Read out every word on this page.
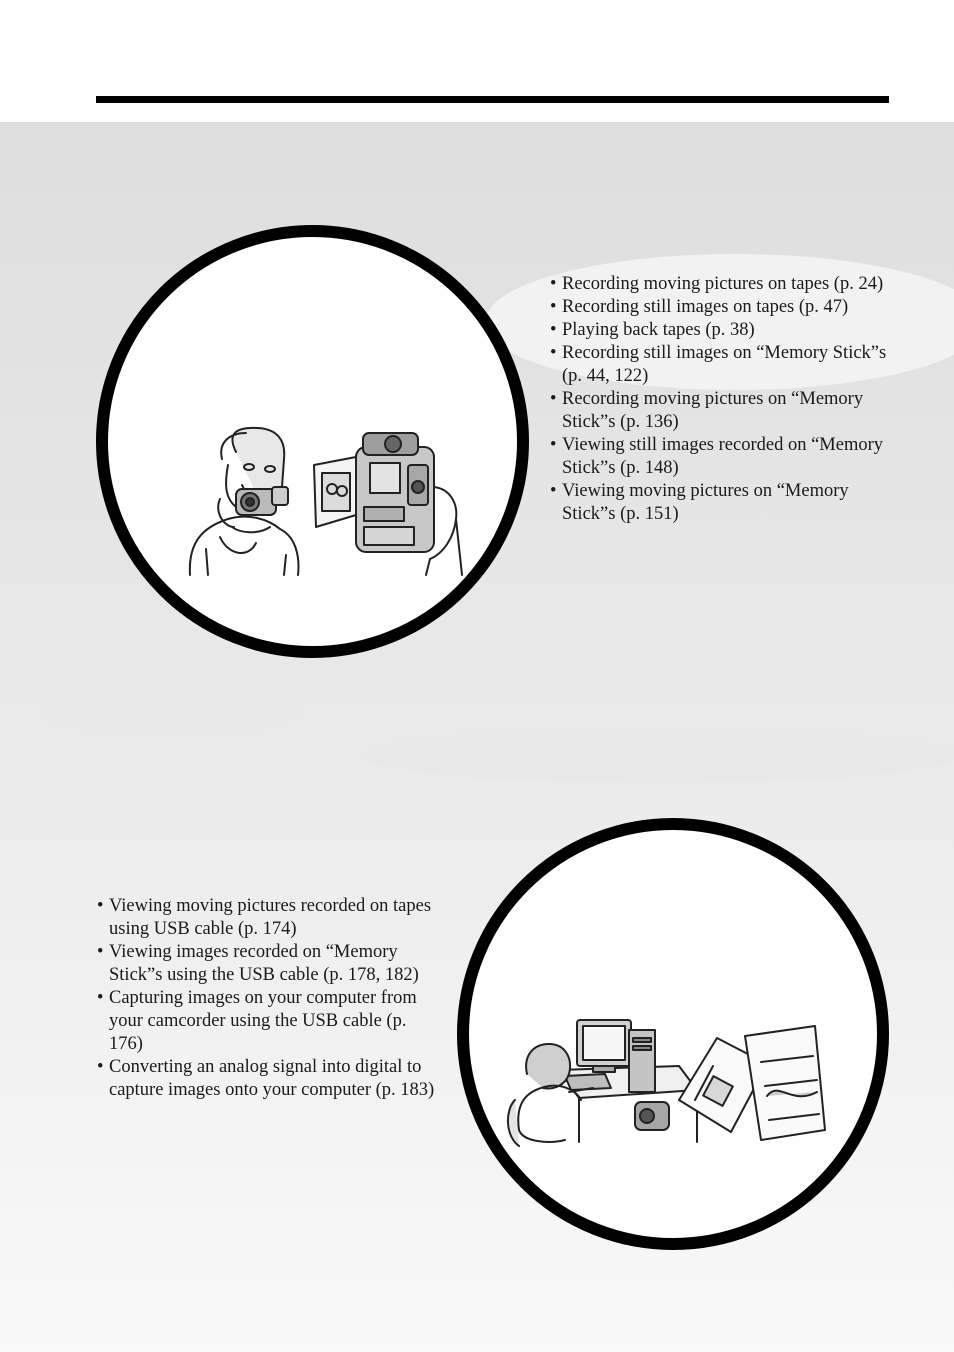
• Recording moving pictures on tapes (p. 24)
• Recording still images on tapes (p. 47)
• Playing back tapes (p. 38)
• Recording still images on “Memory Stick”s (p. 44, 122)
• Recording moving pictures on “Memory Stick”s (p. 136)
• Viewing still images recorded on “Memory Stick”s (p. 148)
• Viewing moving pictures on “Memory Stick”s (p. 151)
• Viewing moving pictures recorded on tapes using USB cable (p. 174)
• Viewing images recorded on “Memory Stick”s using the USB cable (p. 178, 182)
• Capturing images on your computer from your camcorder using the USB cable (p. 176)
• Converting an analog signal into digital to capture images onto your computer (p. 183)
